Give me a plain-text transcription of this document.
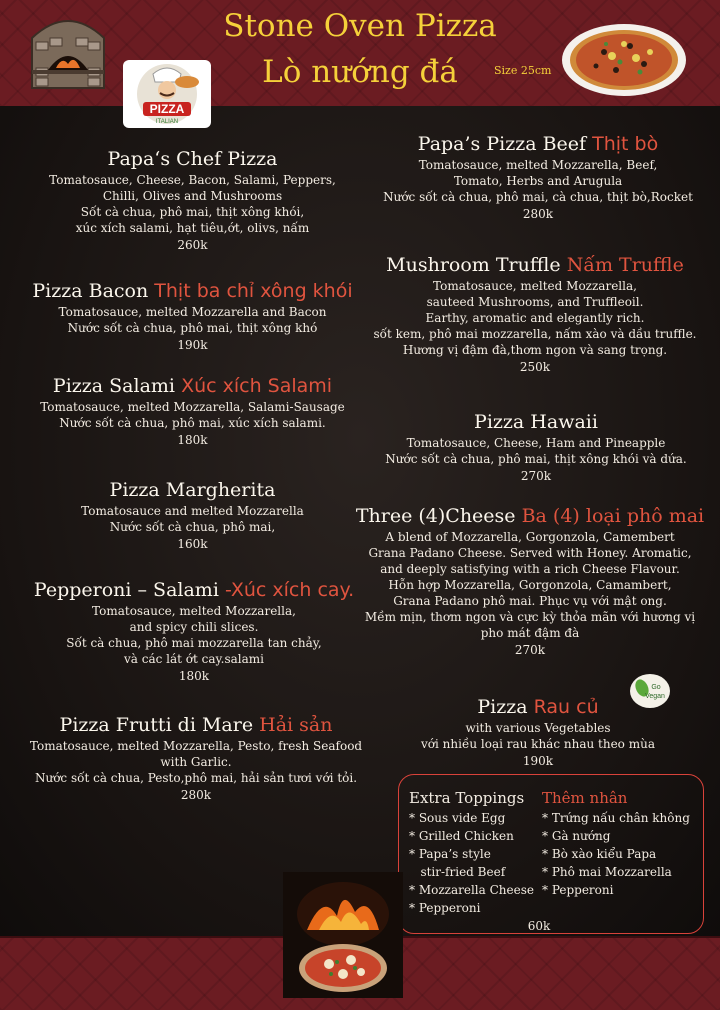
PIZZA
ITALIAN
Stone Oven Pizza
Lò nướng đá	Size 25cm
Papa‘s Chef Pizza

Tomatosauce, Cheese, Bacon, Salami, Peppers,

Chilli, Olives and Mushrooms

Sốt cà chua, phô mai, thịt xông khói,

xúc xích salami, hạt tiêu,ớt, olivs, nấm

260k

Pizza Bacon Thịt ba chỉ xông khói

Tomatosauce, melted Mozzarella and Bacon

Nước sốt cà chua, phô mai, thịt xông khó

190k

Pizza Salami Xúc xích Salami

Tomatosauce, melted Mozzarella, Salami-Sausage

Nước sốt cà chua, phô mai, xúc xích salami.

180k

Pizza Margherita

Tomatosauce and melted Mozzarella

Nước sốt cà chua, phô mai,

160k

Pepperoni – Salami -Xúc xích cay.

Tomatosauce, melted Mozzarella,

and spicy chili slices.

Sốt cà chua, phô mai mozzarella tan chảy,

và các lát ớt cay.salami

180k

Pizza Frutti di Mare Hải sản

Tomatosauce, melted Mozzarella, Pesto, fresh Seafood

with Garlic.

Nước sốt cà chua, Pesto,phô mai, hải sản tươi với tỏi.

280k

Papa’s Pizza Beef Thịt bò

Tomatosauce, melted Mozzarella, Beef,

Tomato, Herbs and Arugula

Nước sốt cà chua, phô mai, cà chua, thịt bò,Rocket

280k

Mushroom Truffle Nấm Truffle

Tomatosauce, melted Mozzarella,

sauteed Mushrooms, and Truffleoil.

Earthy, aromatic and elegantly rich.

sốt kem, phô mai mozzarella, nấm xào và dầu truffle.

Hương vị đậm đà,thơm ngon và sang trọng.

250k

Pizza Hawaii

Tomatosauce, Cheese, Ham and Pineapple

Nước sốt cà chua, phô mai, thịt xông khói và dứa.

270k

Three (4)Cheese Ba (4) loại phô mai

A blend of Mozzarella, Gorgonzola, Camembert

Grana Padano Cheese. Served with Honey. Aromatic,

and deeply satisfying with a rich Cheese Flavour.

Hỗn hợp Mozzarella, Gorgonzola, Camambert,

Grana Padano phô mai. Phục vụ với mật ong.

Mềm mịn, thơm ngon và cực kỳ thỏa mãn với hương vị

pho mát đậm đà

270k

Pizza Rau củ

with various Vegetables

với nhiều loại rau khác nhau theo mùa

190k

Go
Vegan
Extra Toppings
* Sous vide Egg
* Grilled Chicken
* Papa’s style
stir-fried Beef
* Mozzarella Cheese
* Pepperoni
Thêm nhân
* Trứng nấu chân không
* Gà nướng
* Bò xào kiểu Papa
* Phô mai Mozzarella
* Pepperoni
60k
